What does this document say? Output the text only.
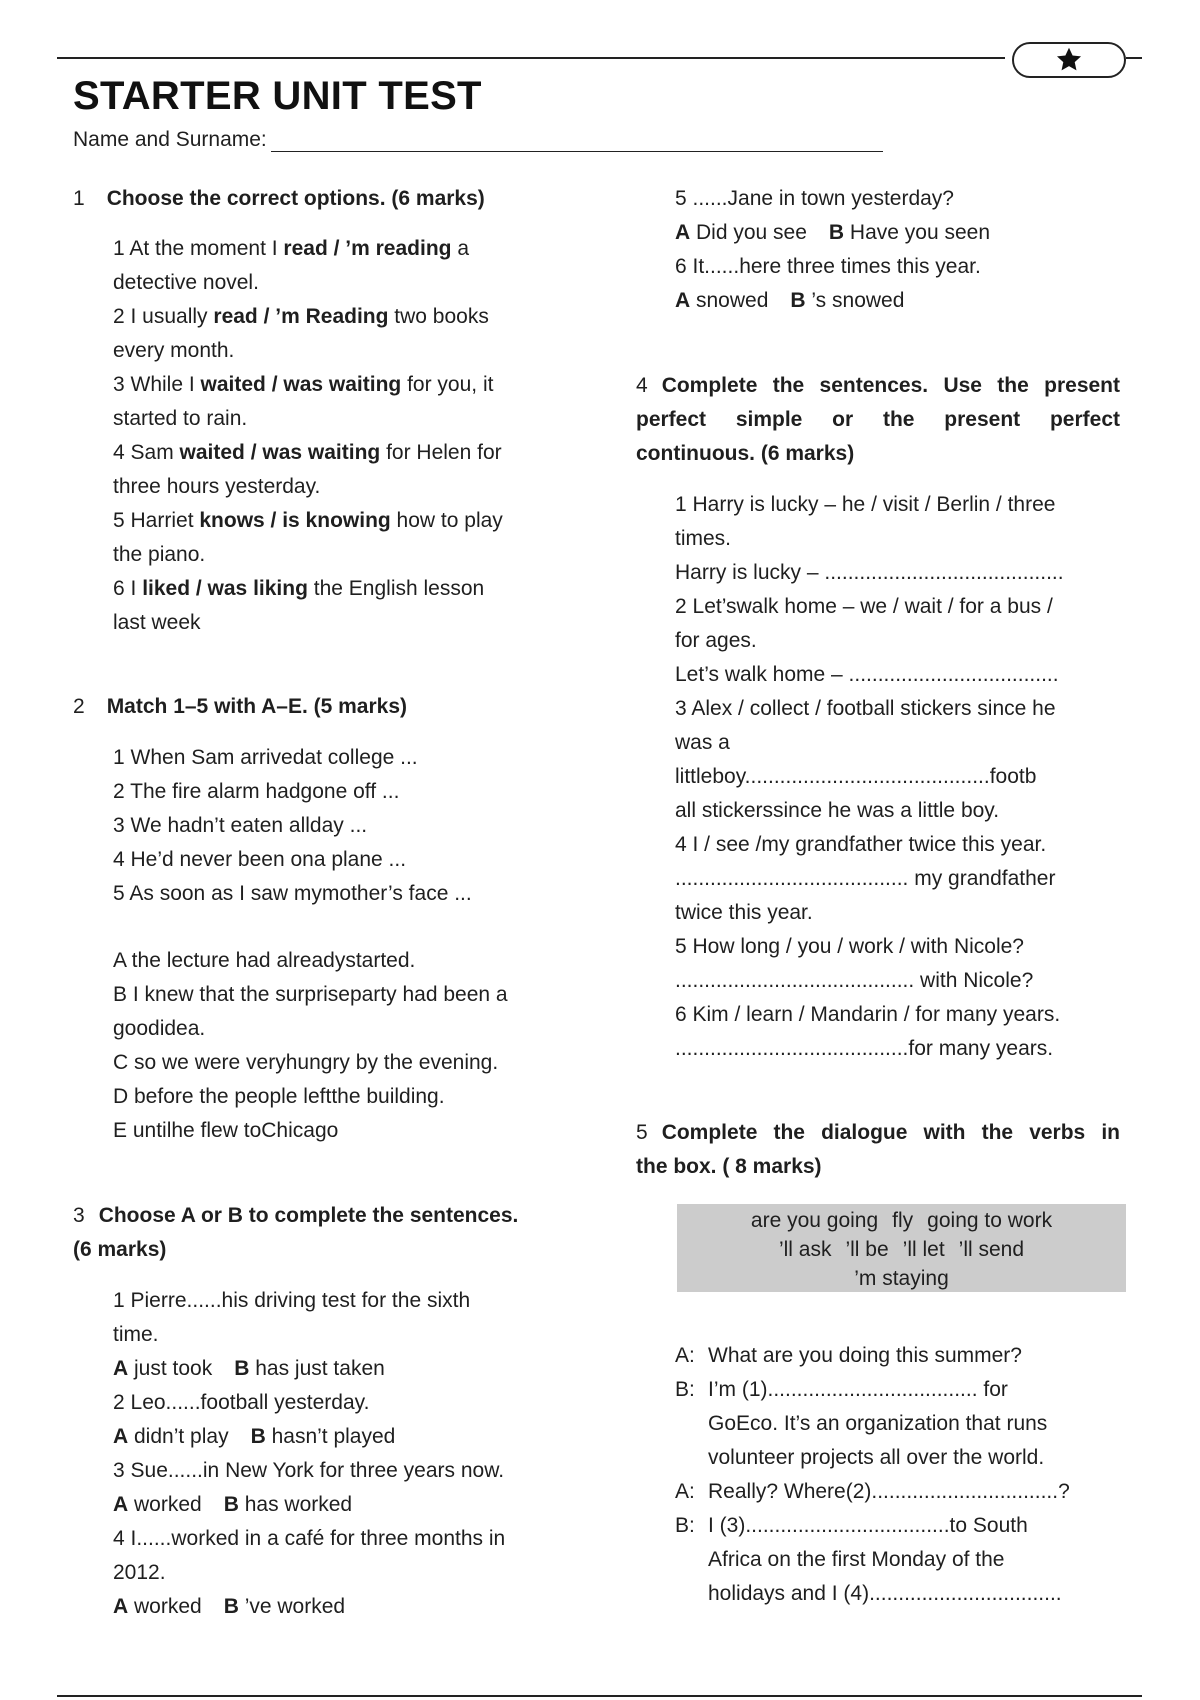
STARTER UNIT TEST
Name and Surname:

1 Choose the correct options. (6 marks)

1 At the moment I read / ’m reading a

detective novel.

2 I usually read / ’m Reading two books

every month.

3 While I waited / was waiting for you, it

started to rain.

4 Sam waited / was waiting for Helen for

three hours yesterday.

5 Harriet knows / is knowing how to play

the piano.

6 I liked / was liking the English lesson

last week

2 Match 1–5 with A–E. (5 marks)

1 When Sam arrivedat college ...

2 The fire alarm hadgone off ...

3 We hadn’t eaten allday ...

4 He’d never been ona plane ...

5 As soon as I saw mymother’s face ...

A the lecture had alreadystarted.

B I knew that the surpriseparty had been a

goodidea.

C so we were veryhungry by the evening.

D before the people leftthe building.

E untilhe flew toChicago

3 Choose A or B to complete the sentences.

(6 marks)

1 Pierre......his driving test for the sixth

time.

A just took B has just taken

2 Leo......football yesterday.

A didn’t play B hasn’t played

3 Sue......in New York for three years now.

A worked B has worked

4 I......worked in a café for three months in

2012.

A worked B ’ve worked

5 ......Jane in town yesterday?

A Did you see B Have you seen

6 It......here three times this year.

A snowed B ’s snowed

4 Complete the sentences. Use the present

perfect simple or the present perfect

continuous. (6 marks)

1 Harry is lucky – he / visit / Berlin / three

times.

Harry is lucky – .........................................

2 Let’swalk home – we / wait / for a bus /

for ages.

Let’s walk home – ....................................

3 Alex / collect / football stickers since he

was a

littleboy..........................................footb

all stickerssince he was a little boy.

4 I / see /my grandfather twice this year.

........................................ my grandfather

twice this year.

5 How long / you / work / with Nicole?

......................................... with Nicole?

6 Kim / learn / Mandarin / for many years.

........................................for many years.

5 Complete the dialogue with the verbs in

the box. ( 8 marks)

are you going fly going to work
’ll ask ’ll be ’ll let ’ll send
’m staying
A: What are you doing this summer?
B: I’m (1).................................... for
GoEco. It’s an organization that runs
volunteer projects all over the world.
A: Really? Where(2)................................?
B: I (3)...................................to South
Africa on the first Monday of the
holidays and I (4).................................
